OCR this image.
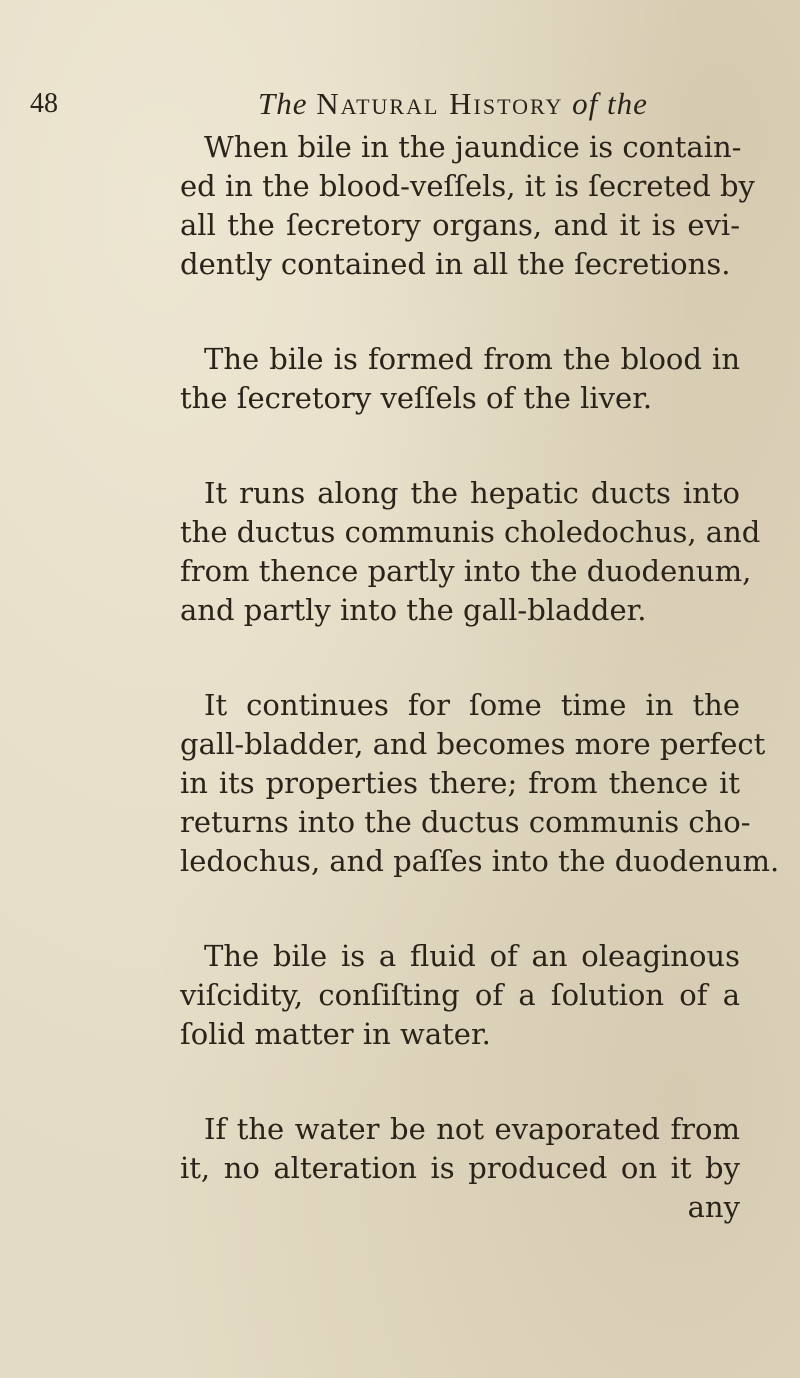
48	The Natural History of the
When bile in the jaundice is contain-
ed in the blood-veſſels, it is ſecreted by
all the ſecretory organs, and it is evi-
dently contained in all the ſecretions.
The bile is formed from the blood in
the ſecretory veſſels of the liver.
It runs along the hepatic ducts into
the ductus communis choledochus, and
from thence partly into the duodenum,
and partly into the gall-bladder.
It continues for ſome time in the
gall-bladder, and becomes more perfect
in its properties there; from thence it
returns into the ductus communis cho-
ledochus, and paſſes into the duodenum.
The bile is a fluid of an oleaginous
viſcidity, conſiſting of a ſolution of a
ſolid matter in water.
If the water be not evaporated from
it, no alteration is produced on it by
any
